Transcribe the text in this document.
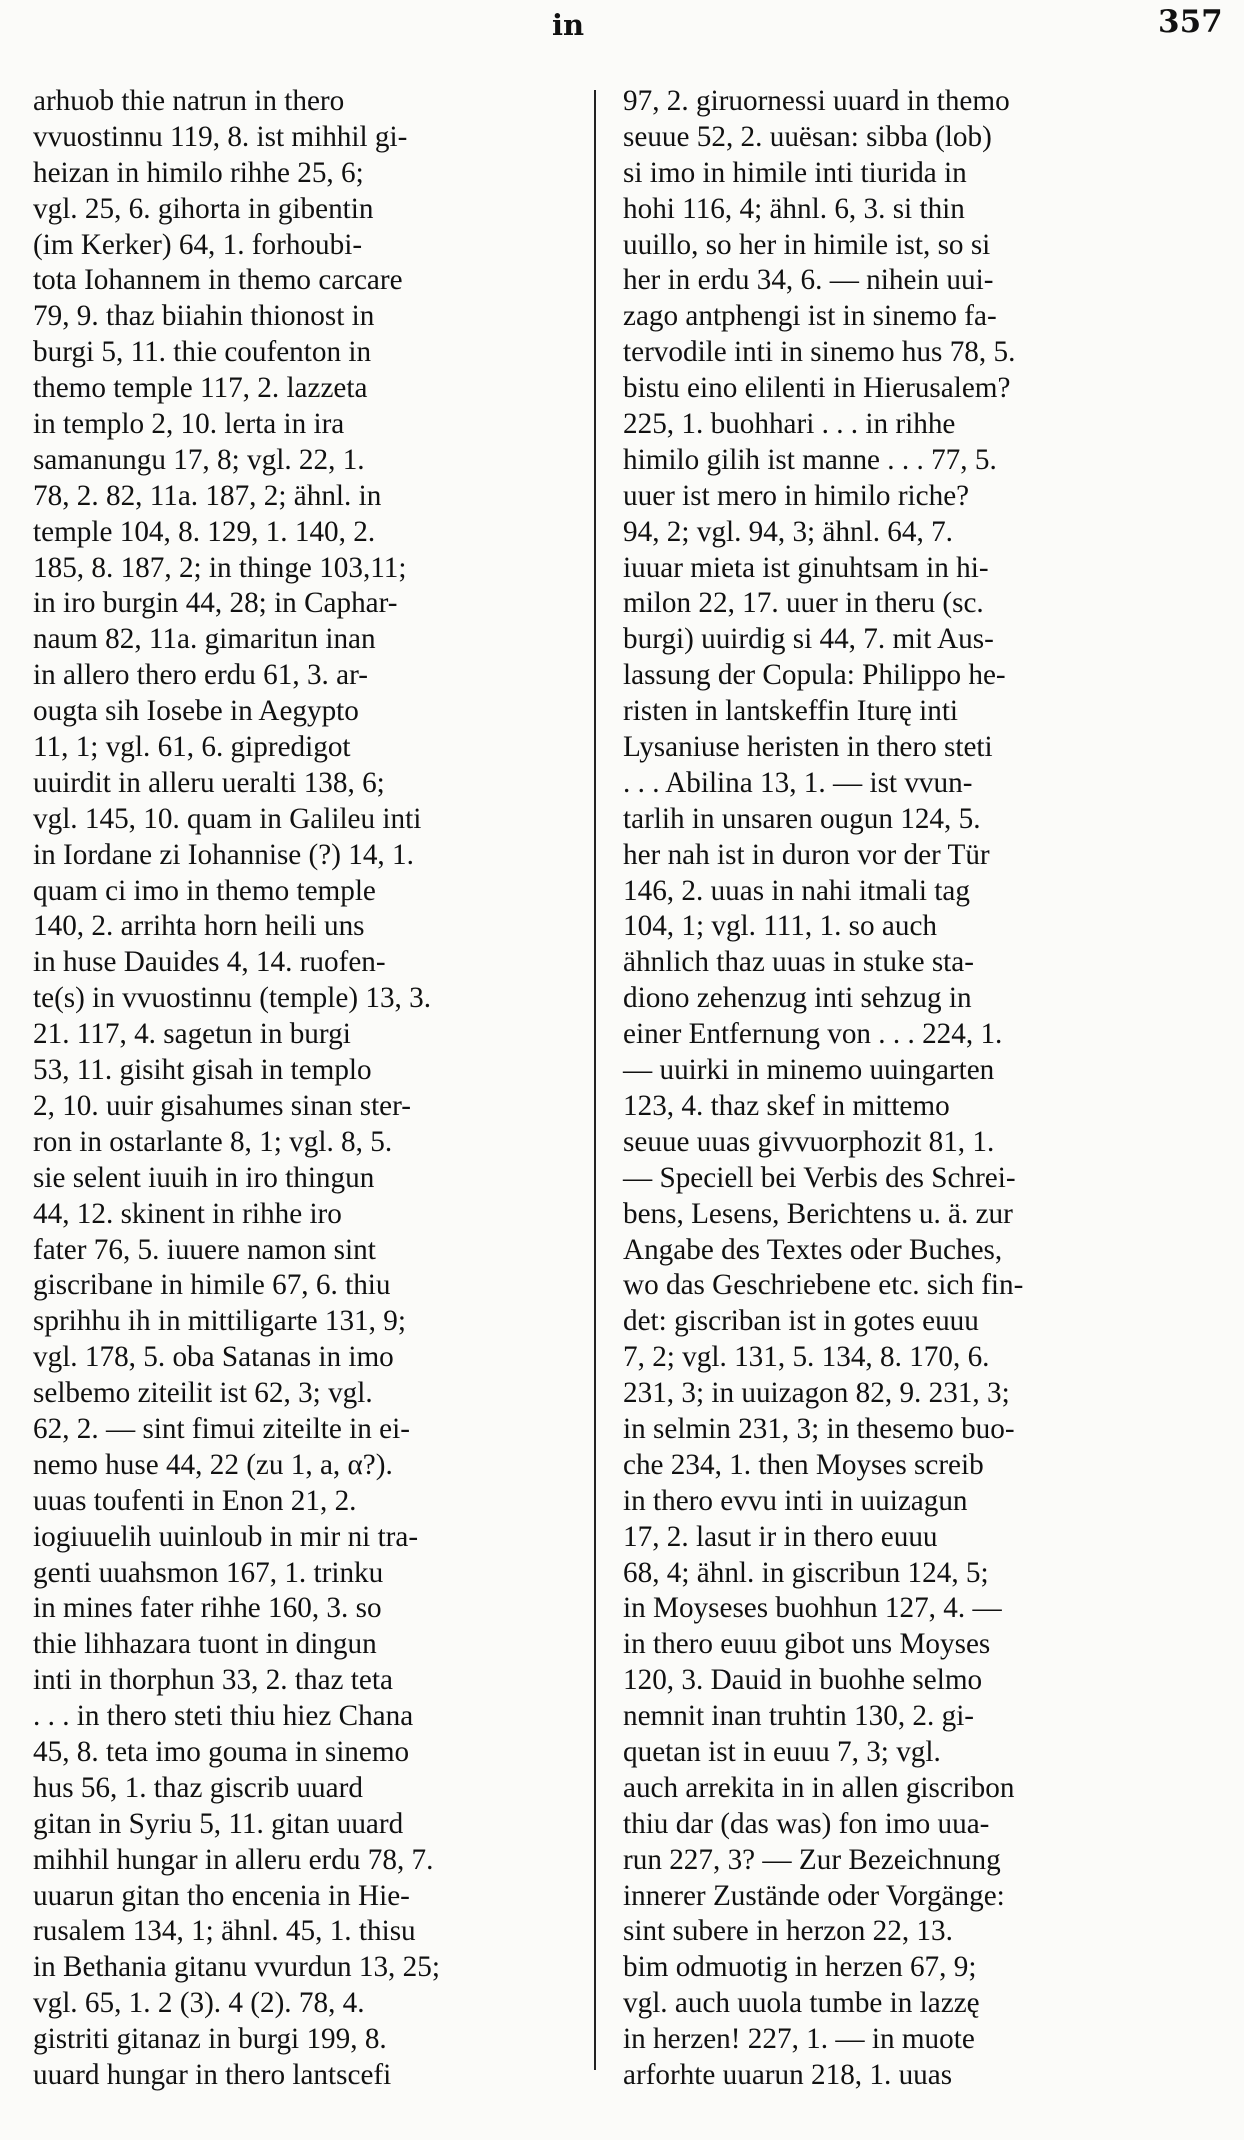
in	357
arhuob thie natrun in thero
vvuostinnu 119, 8. ist mihhil gi-
heizan in himilo rihhe 25, 6;
vgl. 25, 6. gihorta in gibentin
(im Kerker) 64, 1. forhoubi-
tota Iohannem in themo carcare
79, 9. thaz biiahin thionost in
burgi 5, 11. thie coufenton in
themo temple 117, 2. lazzeta
in templo 2, 10. lerta in ira
samanungu 17, 8; vgl. 22, 1.
78, 2. 82, 11a. 187, 2; ähnl. in
temple 104, 8. 129, 1. 140, 2.
185, 8. 187, 2; in thinge 103,11;
in iro burgin 44, 28; in Caphar-
naum 82, 11a. gimaritun inan
in allero thero erdu 61, 3. ar-
ougta sih Iosebe in Aegypto
11, 1; vgl. 61, 6. gipredigot
uuirdit in alleru ueralti 138, 6;
vgl. 145, 10. quam in Galileu inti
in Iordane zi Iohannise (?) 14, 1.
quam ci imo in themo temple
140, 2. arrihta horn heili uns
in huse Dauides 4, 14. ruofen-
te(s) in vvuostinnu (temple) 13, 3.
21. 117, 4. sagetun in burgi
53, 11. gisiht gisah in templo
2, 10. uuir gisahumes sinan ster-
ron in ostarlante 8, 1; vgl. 8, 5.
sie selent iuuih in iro thingun
44, 12. skinent in rihhe iro
fater 76, 5. iuuere namon sint
giscribane in himile 67, 6. thiu
sprihhu ih in mittiligarte 131, 9;
vgl. 178, 5. oba Satanas in imo
selbemo ziteilit ist 62, 3; vgl.
62, 2. — sint fimui ziteilte in ei-
nemo huse 44, 22 (zu 1, a, α?).
uuas toufenti in Enon 21, 2.
iogiuuelih uuinloub in mir ni tra-
genti uuahsmon 167, 1. trinku
in mines fater rihhe 160, 3. so
thie lihhazara tuont in dingun
inti in thorphun 33, 2. thaz teta
. . . in thero steti thiu hiez Chana
45, 8. teta imo gouma in sinemo
hus 56, 1. thaz giscrib uuard
gitan in Syriu 5, 11. gitan uuard
mihhil hungar in alleru erdu 78, 7.
uuarun gitan tho encenia in Hie-
rusalem 134, 1; ähnl. 45, 1. thisu
in Bethania gitanu vvurdun 13, 25;
vgl. 65, 1. 2 (3). 4 (2). 78, 4.
gistriti gitanaz in burgi 199, 8.
uuard hungar in thero lantscefi
97, 2. giruornessi uuard in themo
seuue 52, 2. uuësan: sibba (lob)
si imo in himile inti tiurida in
hohi 116, 4; ähnl. 6, 3. si thin
uuillo, so her in himile ist, so si
her in erdu 34, 6. — nihein uui-
zago antphengi ist in sinemo fa-
tervodile inti in sinemo hus 78, 5.
bistu eino elilenti in Hierusalem?
225, 1. buohhari . . . in rihhe
himilo gilih ist manne . . . 77, 5.
uuer ist mero in himilo riche?
94, 2; vgl. 94, 3; ähnl. 64, 7.
iuuar mieta ist ginuhtsam in hi-
milon 22, 17. uuer in theru (sc.
burgi) uuirdig si 44, 7. mit Aus-
lassung der Copula: Philippo he-
risten in lantskeffin Iturę inti
Lysaniuse heristen in thero steti
. . . Abilina 13, 1. — ist vvun-
tarlih in unsaren ougun 124, 5.
her nah ist in duron vor der Tür
146, 2. uuas in nahi itmali tag
104, 1; vgl. 111, 1. so auch
ähnlich thaz uuas in stuke sta-
diono zehenzug inti sehzug in
einer Entfernung von . . . 224, 1.
— uuirki in minemo uuingarten
123, 4. thaz skef in mittemo
seuue uuas givvuorphozit 81, 1.
— Speciell bei Verbis des Schrei-
bens, Lesens, Berichtens u. ä. zur
Angabe des Textes oder Buches,
wo das Geschriebene etc. sich fin-
det: giscriban ist in gotes euuu
7, 2; vgl. 131, 5. 134, 8. 170, 6.
231, 3; in uuizagon 82, 9. 231, 3;
in selmin 231, 3; in thesemo buo-
che 234, 1. then Moyses screib
in thero evvu inti in uuizagun
17, 2. lasut ir in thero euuu
68, 4; ähnl. in giscribun 124, 5;
in Moyseses buohhun 127, 4. —
in thero euuu gibot uns Moyses
120, 3. Dauid in buohhe selmo
nemnit inan truhtin 130, 2. gi-
quetan ist in euuu 7, 3; vgl.
auch arrekita in in allen giscribon
thiu dar (das was) fon imo uua-
run 227, 3? — Zur Bezeichnung
innerer Zustände oder Vorgänge:
sint subere in herzon 22, 13.
bim odmuotig in herzen 67, 9;
vgl. auch uuola tumbe in lazzę
in herzen! 227, 1. — in muote
arforhte uuarun 218, 1. uuas
